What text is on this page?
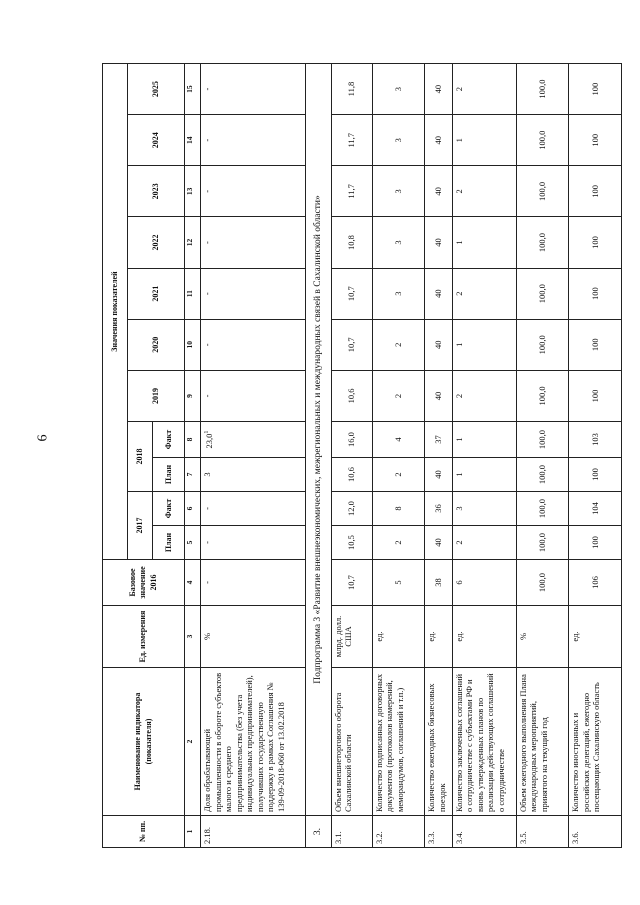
6
№ пп.	Наименование индикатора (показателя)	Ед. измерения	Базовое значение 2016	Значения показателей										
				2017		2018		2019	2020	2021	2022	2023	2024	2025
				План	Факт	План	Факт							

1	2	3	4	5	6	7	8	9	10	11	12	13	14	15
2.18.	Доля обрабатывающей промышленности в обороте субъектов малого и среднего предпринимательства (без учета индивидуальных предпринимателей), получивших государственную поддержку в рамках Соглашения № 139-09-2018-060 от 13.02.2018	%	-	-	-	3	23,0$^1$	-	-	-	-	-	-	-
3.	Подпрограмма 3 «Развитие внешнеэкономических, межрегиональных и международных связей в Сахалинской области»													
3.1.	Объем внешнеторгового оборота Сахалинской области	млрд. долл. США	10,7	10,5	12,0	10,6	16,0	10,6	10,7	10,7	10,8	11,7	11,7	11,8
3.2.	Количество подписанных договорных документов (протоколов намерений, меморандумов, соглашений и т.п.)	ед.	5	2	8	2	4	2	2	3	3	3	3	3
3.3.	Количество ежегодных бизнесовых поездок	ед.	38	40	36	40	37	40	40	40	40	40	40	40
3.4.	Количество заключенных соглашений о сотрудничестве с субъектами РФ и вновь утвержденных планов по реализации действующих соглашений о сотрудничестве	ед.	6	2	3	1	1	2	1	2	1	2	1	2
3.5.	Объем ежегодного выполнения Плана международных мероприятий, принятого на текущий год	%	100,0	100,0	100,0	100,0	100,0	100,0	100,0	100,0	100,0	100,0	100,0	100,0
3.6.	Количество иностранных и российских делегаций, ежегодно посещающих Сахалинскую область	ед.	106	100	104	100	103	100	100	100	100	100	100	100
